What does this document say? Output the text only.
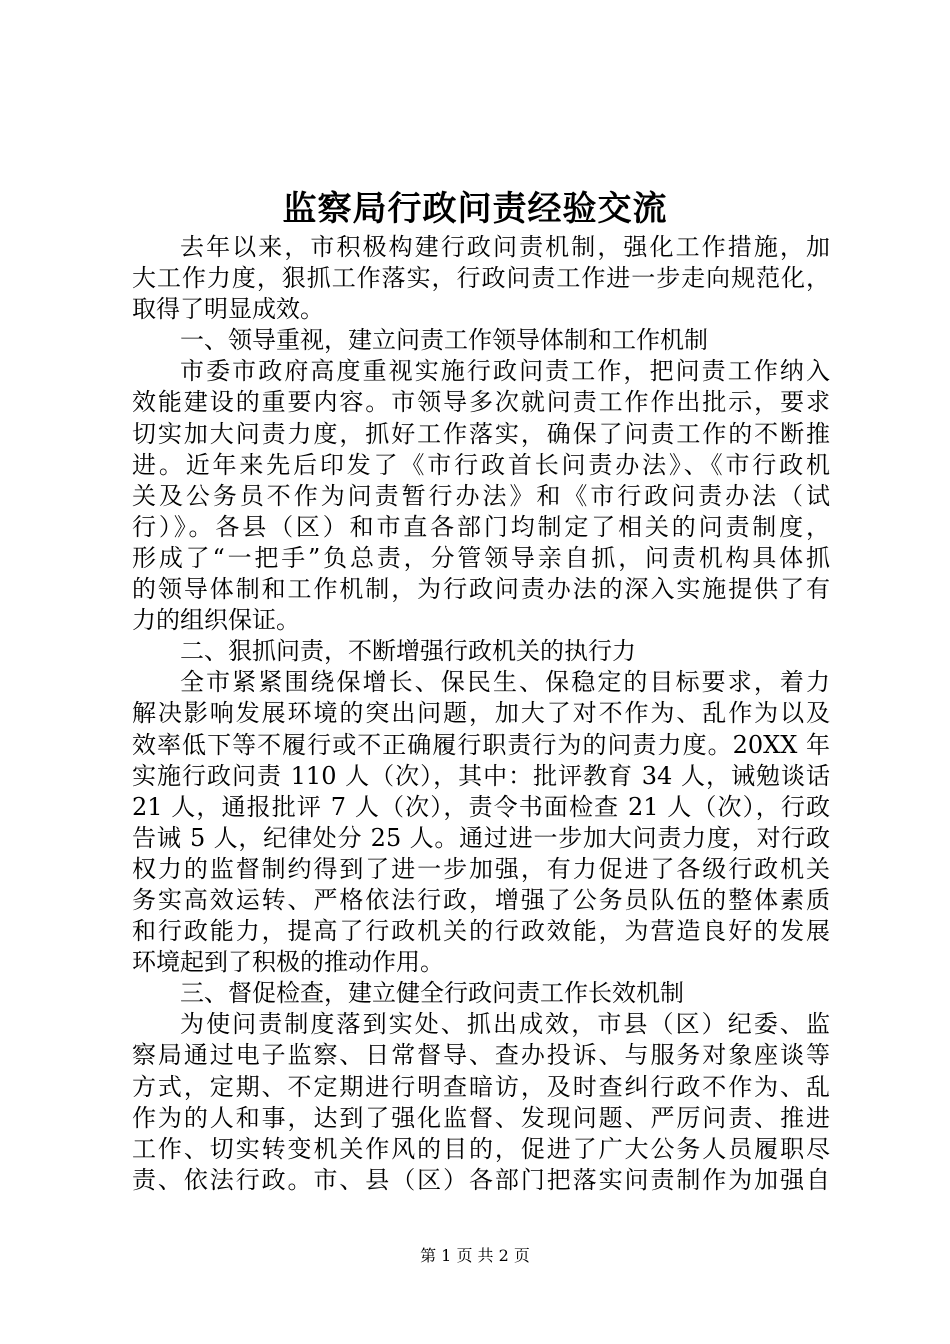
监察局行政问责经验交流
去年以来，市积极构建行政问责机制，强化工作措施，加
大工作力度，狠抓工作落实，行政问责工作进一步走向规范化，
取得了明显成效。
一、领导重视，建立问责工作领导体制和工作机制
市委市政府高度重视实施行政问责工作，把问责工作纳入
效能建设的重要内容。市领导多次就问责工作作出批示，要求
切实加大问责力度，抓好工作落实，确保了问责工作的不断推
进。近年来先后印发了《市行政首长问责办法》、《市行政机
关及公务员不作为问责暂行办法》和《市行政问责办法（试
行）》。各县（区）和市直各部门均制定了相关的问责制度，
形成了“一把手”负总责，分管领导亲自抓，问责机构具体抓
的领导体制和工作机制，为行政问责办法的深入实施提供了有
力的组织保证。
二、狠抓问责，不断增强行政机关的执行力
全市紧紧围绕保增长、保民生、保稳定的目标要求，着力
解决影响发展环境的突出问题，加大了对不作为、乱作为以及
效率低下等不履行或不正确履行职责行为的问责力度。20XX 年
实施行政问责 110 人（次），其中：批评教育 34 人，诫勉谈话
21 人，通报批评 7 人（次），责令书面检查 21 人（次），行政
告诫 5 人，纪律处分 25 人。通过进一步加大问责力度，对行政
权力的监督制约得到了进一步加强，有力促进了各级行政机关
务实高效运转、严格依法行政，增强了公务员队伍的整体素质
和行政能力，提高了行政机关的行政效能，为营造良好的发展
环境起到了积极的推动作用。
三、督促检查，建立健全行政问责工作长效机制
为使问责制度落到实处、抓出成效，市县（区）纪委、监
察局通过电子监察、日常督导、查办投诉、与服务对象座谈等
方式，定期、不定期进行明查暗访，及时查纠行政不作为、乱
作为的人和事，达到了强化监督、发现问题、严厉问责、推进
工作、切实转变机关作风的目的，促进了广大公务人员履职尽
责、依法行政。市、县（区）各部门把落实问责制作为加强自
第 1 页 共 2 页
